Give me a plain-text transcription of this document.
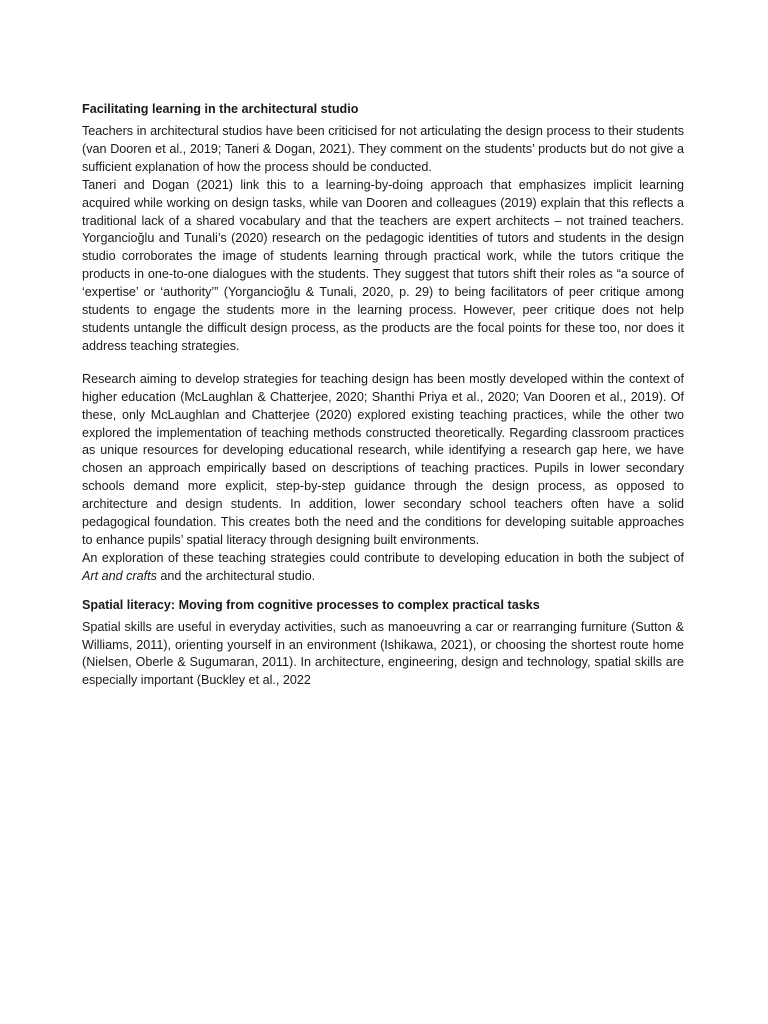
Facilitating learning in the architectural studio

Teachers in architectural studios have been criticised for not articulating the design process to their students (van Dooren et al., 2019; Taneri & Dogan, 2021). They comment on the students’ products but do not give a sufficient explanation of how the process should be conducted.

Taneri and Dogan (2021) link this to a learning-by-doing approach that emphasizes implicit learning acquired while working on design tasks, while van Dooren and colleagues (2019) explain that this reflects a traditional lack of a shared vocabulary and that the teachers are expert architects – not trained teachers. Yorgancioğlu and Tunali’s (2020) research on the pedagogic identities of tutors and students in the design studio corroborates the image of students learning through practical work, while the tutors critique the products in one-to-one dialogues with the students. They suggest that tutors shift their roles as “a source of ‘expertise’ or ‘authority’” (Yorgancioğlu & Tunali, 2020, p. 29) to being facilitators of peer critique among students to engage the students more in the learning process. However, peer critique does not help students untangle the difficult design process, as the products are the focal points for these too, nor does it address teaching strategies.

Research aiming to develop strategies for teaching design has been mostly developed within the context of higher education (McLaughlan & Chatterjee, 2020; Shanthi Priya et al., 2020; Van Dooren et al., 2019). Of these, only McLaughlan and Chatterjee (2020) explored existing teaching practices, while the other two explored the implementation of teaching methods constructed theoretically. Regarding classroom practices as unique resources for developing educational research, while identifying a research gap here, we have chosen an approach empirically based on descriptions of teaching practices. Pupils in lower secondary schools demand more explicit, step-by-step guidance through the design process, as opposed to architecture and design students. In addition, lower secondary school teachers often have a solid pedagogical foundation. This creates both the need and the conditions for developing suitable approaches to enhance pupils’ spatial literacy through designing built environments.

An exploration of these teaching strategies could contribute to developing education in both the subject of Art and crafts and the architectural studio.

Spatial literacy: Moving from cognitive processes to complex practical tasks

Spatial skills are useful in everyday activities, such as manoeuvring a car or rearranging furniture (Sutton & Williams, 2011), orienting yourself in an environment (Ishikawa, 2021), or choosing the shortest route home (Nielsen, Oberle & Sugumaran, 2011). In architecture, engineering, design and technology, spatial skills are especially important (Buckley et al., 2022
